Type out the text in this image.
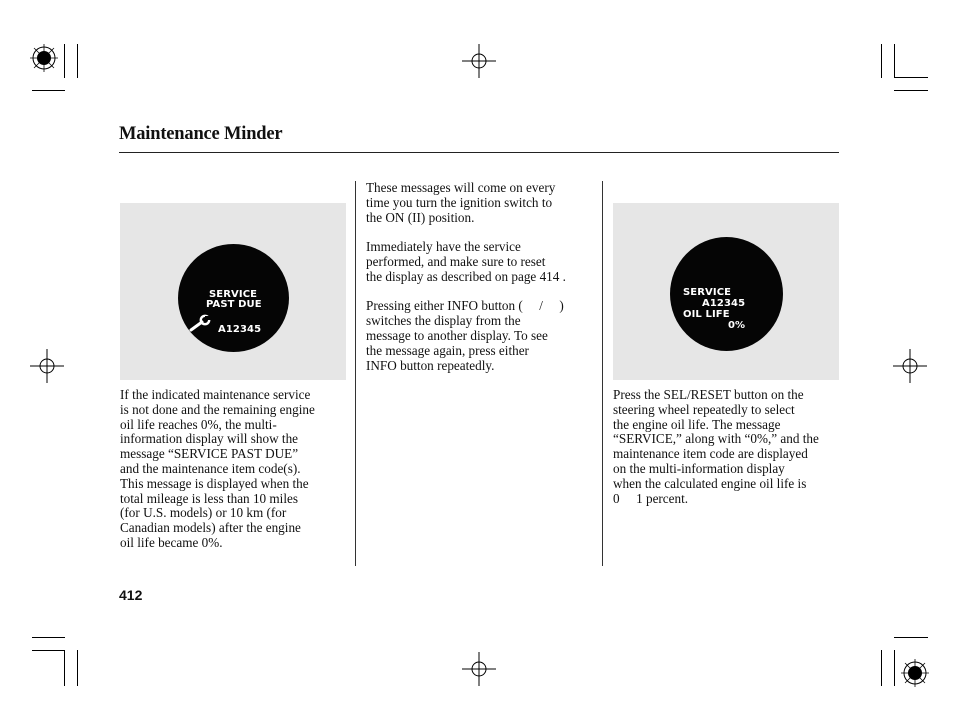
Maintenance Minder
SERVICE
PAST DUE
A12345
SERVICE
A12345
OIL LIFE
0%
If the indicated maintenance service
is not done and the remaining engine
oil life reaches 0%, the multi-
information display will show the
message “SERVICE PAST DUE”
and the maintenance item code(s).
This message is displayed when the
total mileage is less than 10 miles
(for U.S. models) or 10 km (for
Canadian models) after the engine
oil life became 0%.
These messages will come on every
time you turn the ignition switch to
the ON (II) position.
Immediately have the service
performed, and make sure to reset
the display as described on page 414 .
Pressing either INFO button (  /  )
switches the display from the
message to another display. To see
the message again, press either
INFO button repeatedly.
Press the SEL/RESET button on the
steering wheel repeatedly to select
the engine oil life. The message
“SERVICE,” along with “0%,” and the
maintenance item code are displayed
on the multi-information display
when the calculated engine oil life is
0  1 percent.
412
